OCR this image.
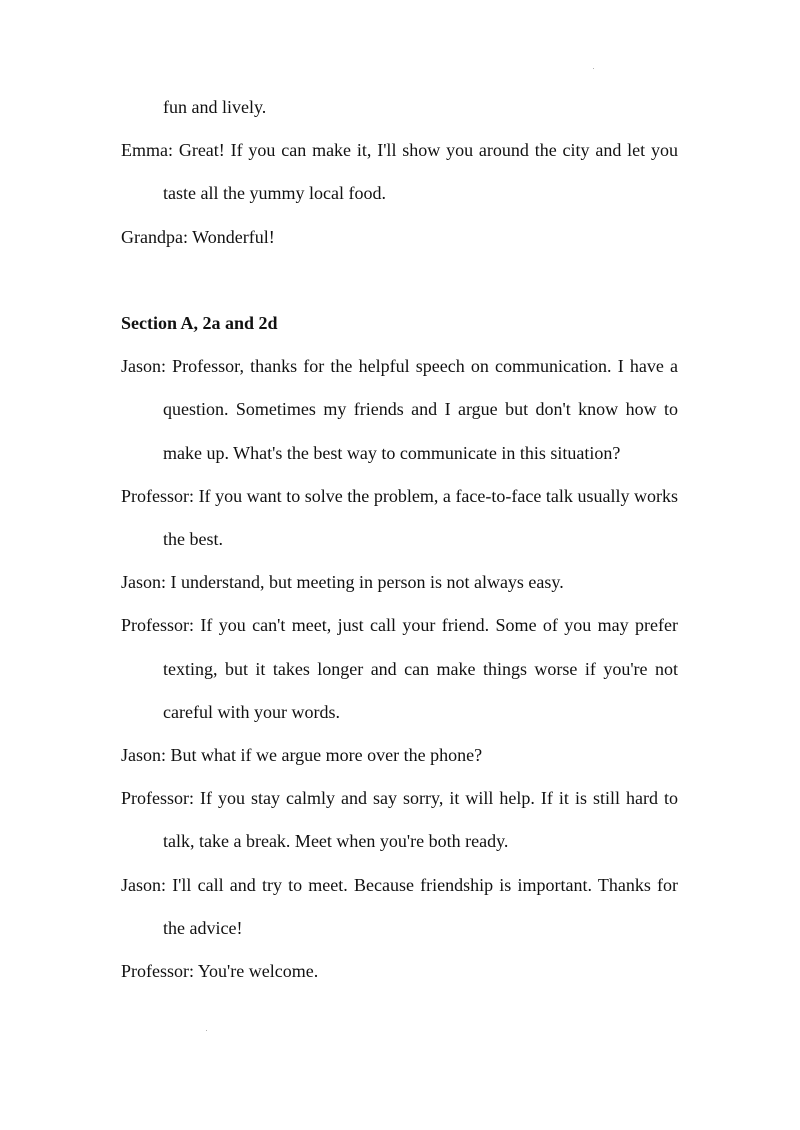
fun and lively.

Emma: Great! If you can make it, I'll show you around the city and let you taste all the yummy local food.

Grandpa: Wonderful!

Section A, 2a and 2d

Jason: Professor, thanks for the helpful speech on communication. I have a question. Sometimes my friends and I argue but don't know how to make up. What's the best way to communicate in this situation?

Professor: If you want to solve the problem, a face-to-face talk usually works the best.

Jason: I understand, but meeting in person is not always easy.

Professor: If you can't meet, just call your friend. Some of you may prefer texting, but it takes longer and can make things worse if you're not careful with your words.

Jason: But what if we argue more over the phone?

Professor: If you stay calmly and say sorry, it will help. If it is still hard to talk, take a break. Meet when you're both ready.

Jason: I'll call and try to meet. Because friendship is important. Thanks for the advice!

Professor: You're welcome.
